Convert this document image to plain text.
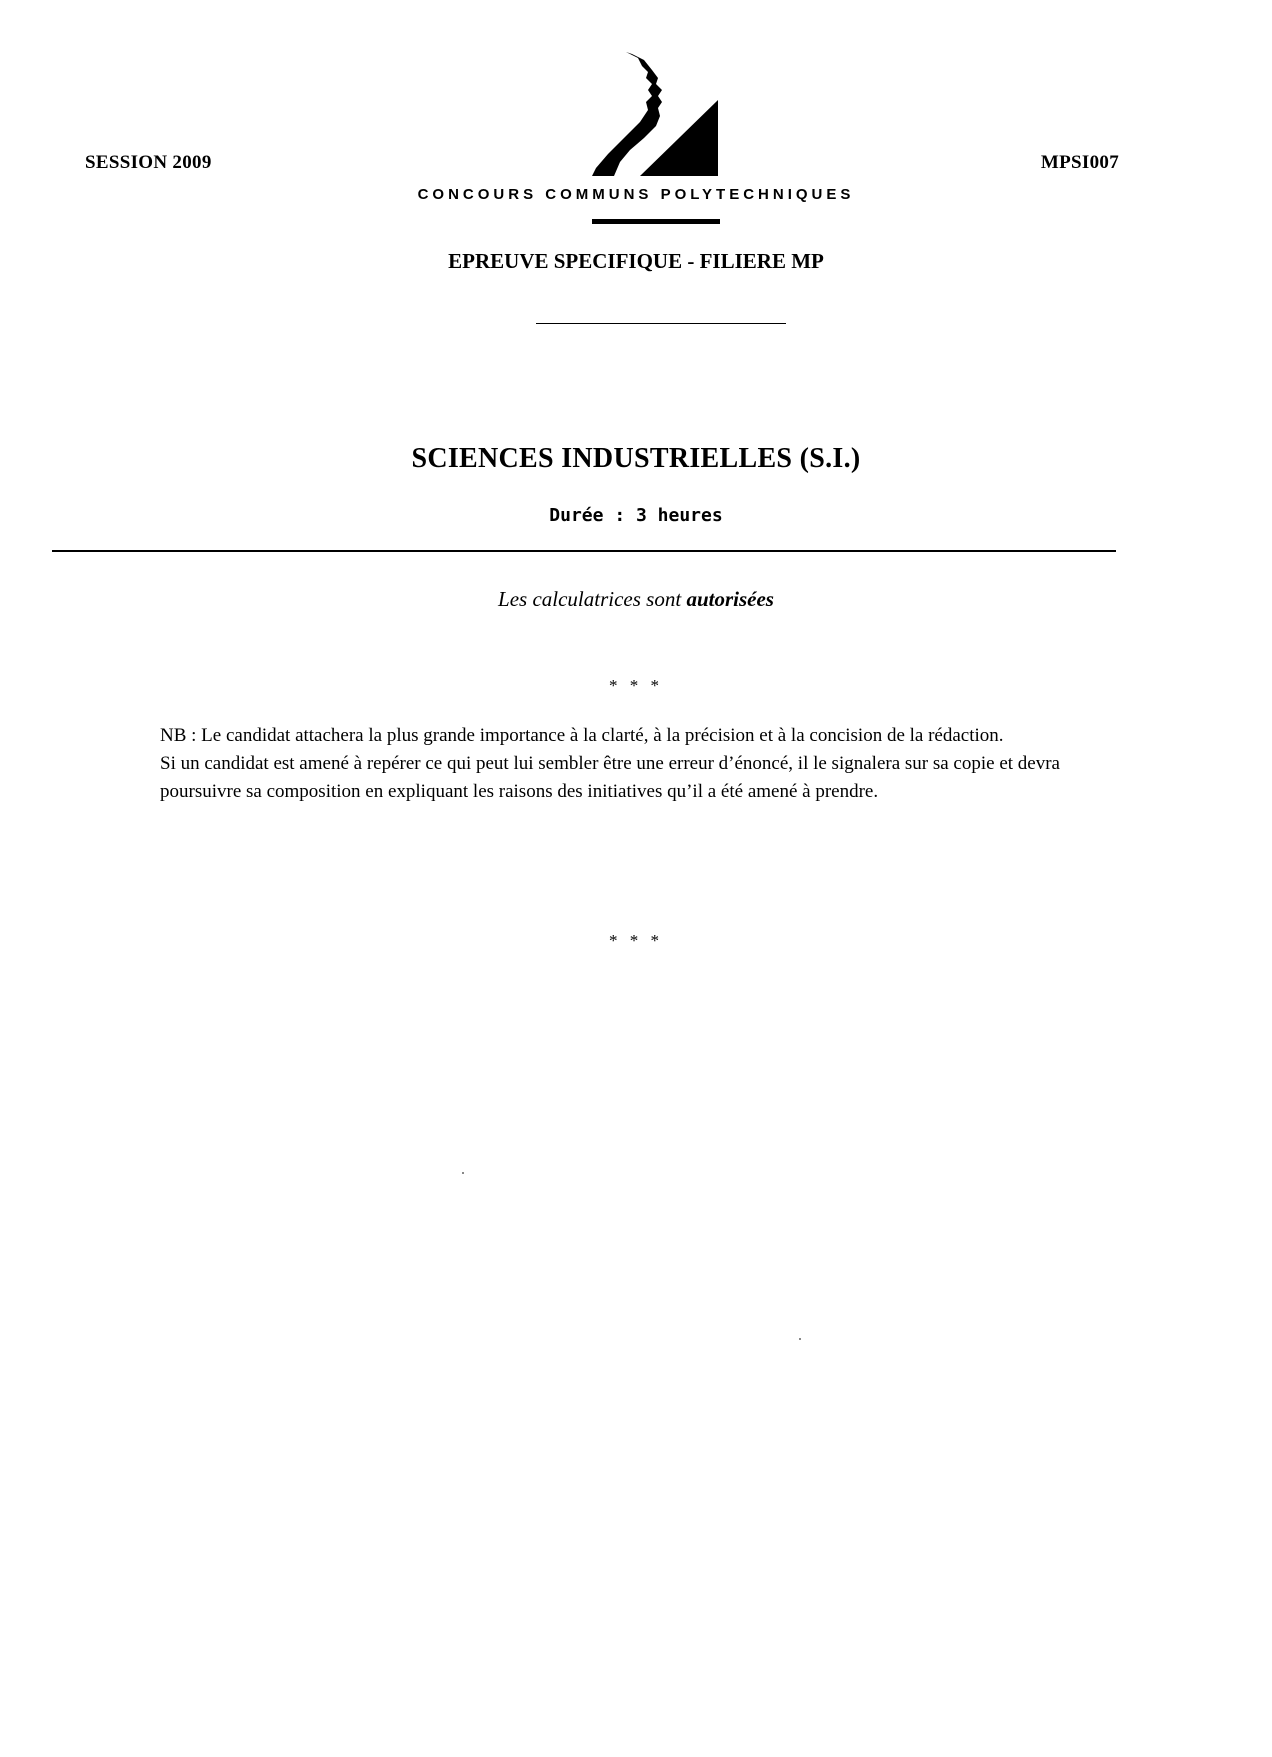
SESSION 2009	MPSI007
CONCOURS COMMUNS POLYTECHNIQUES
EPREUVE SPECIFIQUE - FILIERE MP
SCIENCES INDUSTRIELLES (S.I.)
Durée : 3 heures
Les calculatrices sont autorisées
* * *

NB : Le candidat attachera la plus grande importance à la clarté, à la précision et à la concision de la rédaction.

Si un candidat est amené à repérer ce qui peut lui sembler être une erreur d’énoncé, il le signalera sur sa copie et devra poursuivre sa composition en expliquant les raisons des initiatives qu’il a été amené à prendre.

* * *
